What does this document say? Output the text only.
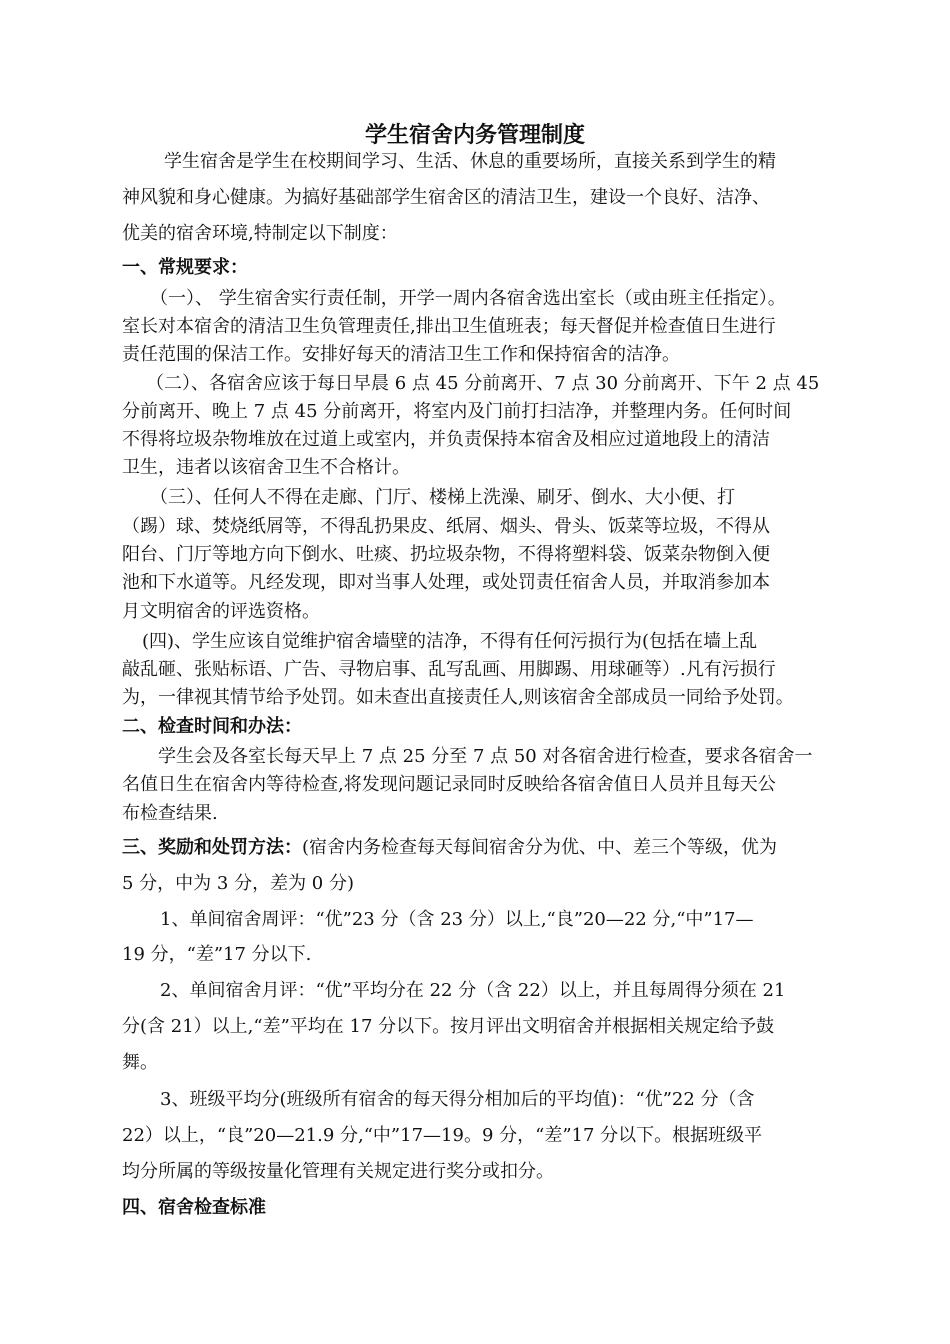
学生宿舍内务管理制度
学生宿舍是学生在校期间学习、生活、休息的重要场所，直接关系到学生的精
神风貌和身心健康。为搞好基础部学生宿舍区的清洁卫生，建设一个良好、洁净、
优美的宿舍环境,特制定以下制度：
一、常规要求：
（一）、 学生宿舍实行责任制，开学一周内各宿舍选出室长（或由班主任指定）。
室长对本宿舍的清洁卫生负管理责任,排出卫生值班表；每天督促并检查值日生进行
责任范围的保洁工作。安排好每天的清洁卫生工作和保持宿舍的洁净。
（二）、各宿舍应该于每日早晨 6 点 45 分前离开、7 点 30 分前离开、下午 2 点 45
分前离开、晚上 7 点 45 分前离开，将室内及门前打扫洁净，并整理内务。任何时间
不得将垃圾杂物堆放在过道上或室内，并负责保持本宿舍及相应过道地段上的清洁
卫生，违者以该宿舍卫生不合格计。
（三）、任何人不得在走廊、门厅、楼梯上洗澡、刷牙、倒水、大小便、打
（踢）球、焚烧纸屑等，不得乱扔果皮、纸屑、烟头、骨头、饭菜等垃圾，不得从
阳台、门厅等地方向下倒水、吐痰、扔垃圾杂物，不得将塑料袋、饭菜杂物倒入便
池和下水道等。凡经发现，即对当事人处理，或处罚责任宿舍人员，并取消参加本
月文明宿舍的评选资格。
(四)、学生应该自觉维护宿舍墙壁的洁净，不得有任何污损行为(包括在墙上乱
敲乱砸、张贴标语、广告、寻物启事、乱写乱画、用脚踢、用球砸等）.凡有污损行
为，一律视其情节给予处罚。如未查出直接责任人,则该宿舍全部成员一同给予处罚。
二、检查时间和办法：
学生会及各室长每天早上 7 点 25 分至 7 点 50 对各宿舍进行检查，要求各宿舍一
名值日生在宿舍内等待检查,将发现问题记录同时反映给各宿舍值日人员并且每天公
布检查结果.
三、奖励和处罚方法：(宿舍内务检查每天每间宿舍分为优、中、差三个等级，优为
5 分，中为 3 分，差为 0 分)
1、单间宿舍周评：“优”23 分（含 23 分）以上,“良”20—22 分,“中”17—
19 分，“差”17 分以下.
2、单间宿舍月评：“优”平均分在 22 分（含 22）以上，并且每周得分须在 21
分(含 21）以上,“差”平均在 17 分以下。按月评出文明宿舍并根据相关规定给予鼓
舞。
3、班级平均分(班级所有宿舍的每天得分相加后的平均值)：“优”22 分（含
22）以上，“良”20—21.9 分,“中”17—19。9 分，“差”17 分以下。根据班级平
均分所属的等级按量化管理有关规定进行奖分或扣分。
四、宿舍检查标准
